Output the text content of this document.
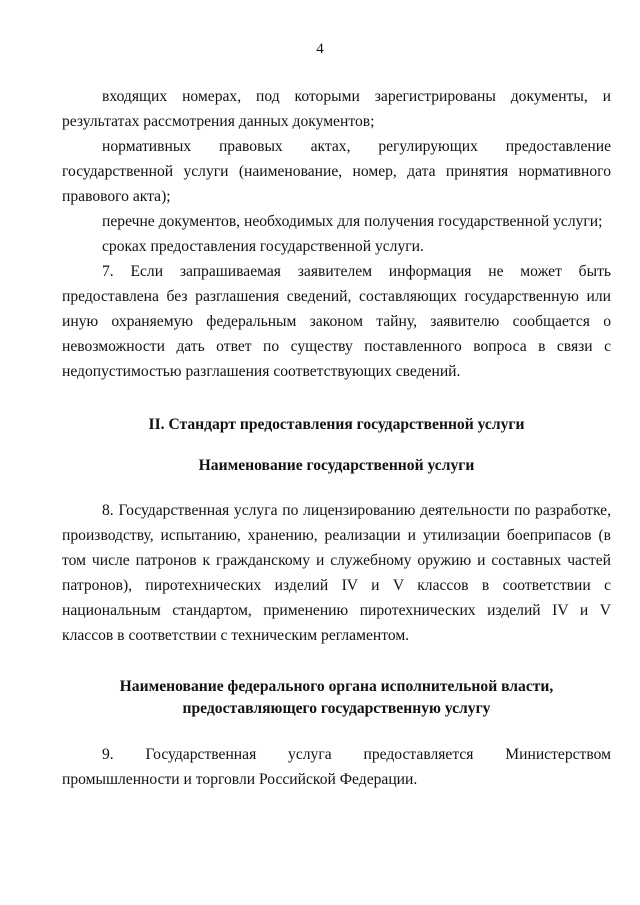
4

входящих номерах, под которыми зарегистрированы документы, и результатах рассмотрения данных документов;

нормативных правовых актах, регулирующих предоставление государственной услуги (наименование, номер, дата принятия нормативного правового акта);

перечне документов, необходимых для получения государственной услуги;

сроках предоставления государственной услуги.

7. Если запрашиваемая заявителем информация не может быть предоставлена без разглашения сведений, составляющих государственную или иную охраняемую федеральным законом тайну, заявителю сообщается о невозможности дать ответ по существу поставленного вопроса в связи с недопустимостью разглашения соответствующих сведений.

II. Стандарт предоставления государственной услуги

Наименование государственной услуги

8. Государственная услуга по лицензированию деятельности по разработке, производству, испытанию, хранению, реализации и утилизации боеприпасов (в том числе патронов к гражданскому и служебному оружию и составных частей патронов), пиротехнических изделий IV и V классов в соответствии с национальным стандартом, применению пиротехнических изделий IV и V классов в соответствии с техническим регламентом.

Наименование федерального органа исполнительной власти,
предоставляющего государственную услугу

9. Государственная услуга предоставляется Министерством промышленности и торговли Российской Федерации.
